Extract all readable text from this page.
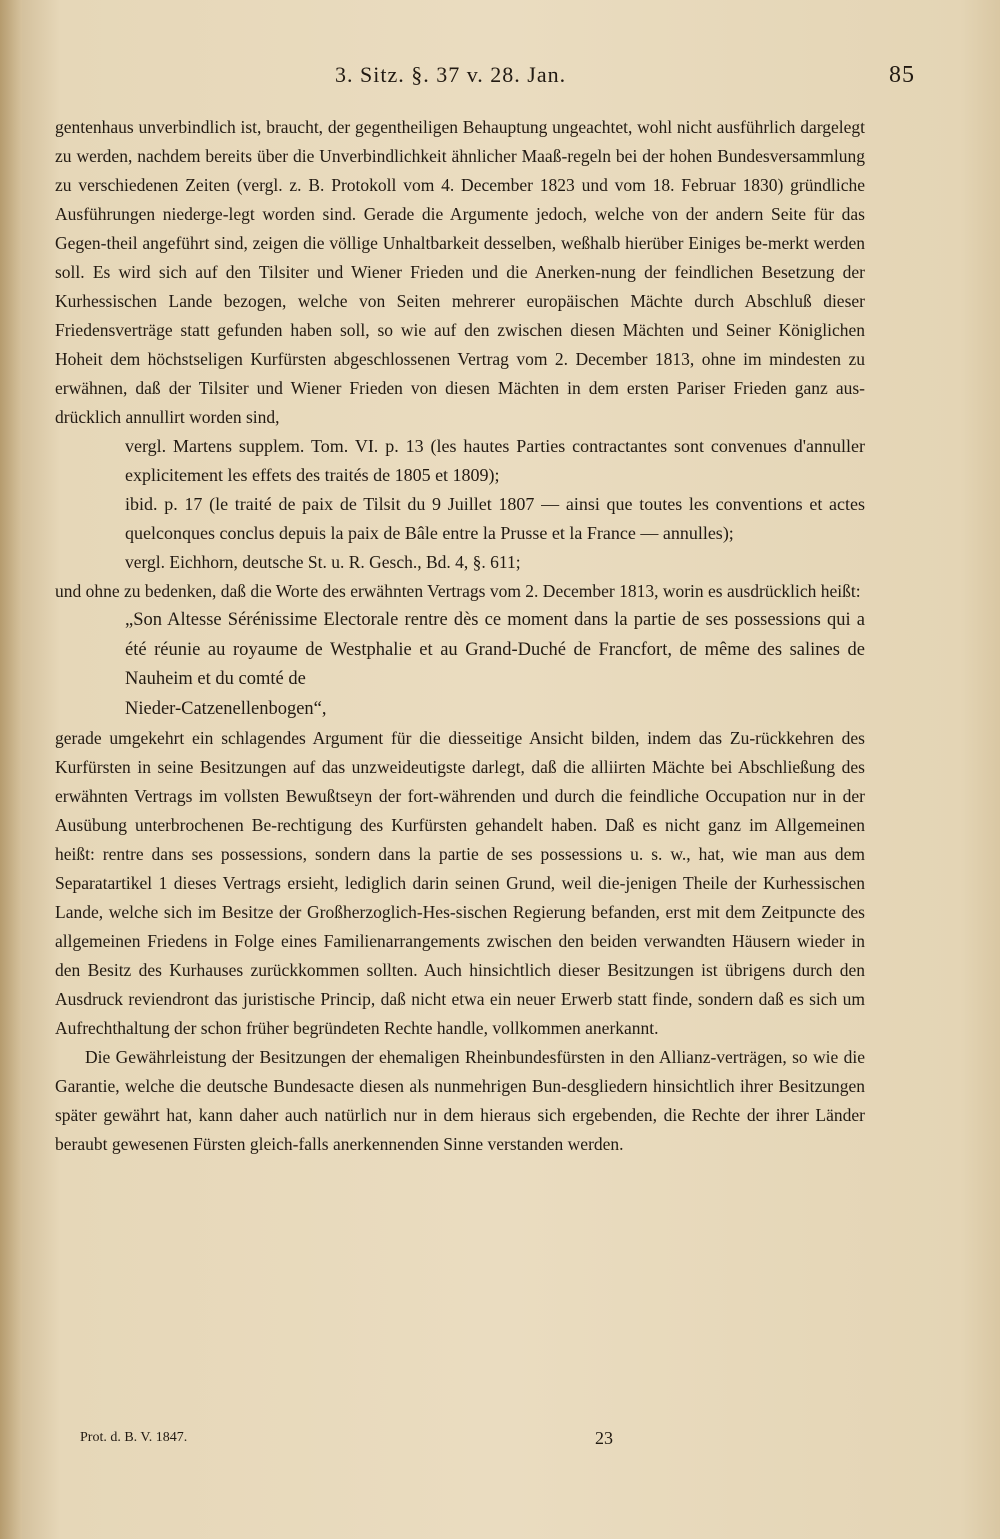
3. Sitz. §. 37 v. 28. Jan.	85

gentenhaus unverbindlich ist, braucht, der gegentheiligen Behauptung ungeachtet, wohl nicht ausführlich dargelegt zu werden, nachdem bereits über die Unverbindlichkeit ähnlicher Maaß-regeln bei der hohen Bundesversammlung zu verschiedenen Zeiten (vergl. z. B. Protokoll vom 4. December 1823 und vom 18. Februar 1830) gründliche Ausführungen niederge-legt worden sind. Gerade die Argumente jedoch, welche von der andern Seite für das Gegen-theil angeführt sind, zeigen die völlige Unhaltbarkeit desselben, weßhalb hierüber Einiges be-merkt werden soll. Es wird sich auf den Tilsiter und Wiener Frieden und die Anerken-nung der feindlichen Besetzung der Kurhessischen Lande bezogen, welche von Seiten mehrerer europäischen Mächte durch Abschluß dieser Friedensverträge statt gefunden haben soll, so wie auf den zwischen diesen Mächten und Seiner Königlichen Hoheit dem höchstseligen Kurfürsten abgeschlossenen Vertrag vom 2. December 1813, ohne im mindesten zu erwähnen, daß der Tilsiter und Wiener Frieden von diesen Mächten in dem ersten Pariser Frieden ganz aus-drücklich annullirt worden sind,

vergl. Martens supplem. Tom. VI. p. 13 (les hautes Parties contractantes sont convenues d'annuller explicitement les effets des traités de 1805 et 1809);

ibid. p. 17 (le traité de paix de Tilsit du 9 Juillet 1807 — ainsi que toutes les conventions et actes quelconques conclus depuis la paix de Bâle entre la Prusse et la France — annulles);

vergl. Eichhorn, deutsche St. u. R. Gesch., Bd. 4, §. 611;

und ohne zu bedenken, daß die Worte des erwähnten Vertrags vom 2. December 1813, worin es ausdrücklich heißt:

„Son Altesse Sérénissime Electorale rentre dès ce moment dans la partie de ses possessions qui a été réunie au royaume de Westphalie et au Grand-Duché de Francfort, de même des salines de Nauheim et du comté de

Nieder-Catzenellenbogen“,

gerade umgekehrt ein schlagendes Argument für die diesseitige Ansicht bilden, indem das Zu-rückkehren des Kurfürsten in seine Besitzungen auf das unzweideutigste darlegt, daß die alliirten Mächte bei Abschließung des erwähnten Vertrags im vollsten Bewußtseyn der fort-währenden und durch die feindliche Occupation nur in der Ausübung unterbrochenen Be-rechtigung des Kurfürsten gehandelt haben. Daß es nicht ganz im Allgemeinen heißt: rentre dans ses possessions, sondern dans la partie de ses possessions u. s. w., hat, wie man aus dem Separatartikel 1 dieses Vertrags ersieht, lediglich darin seinen Grund, weil die-jenigen Theile der Kurhessischen Lande, welche sich im Besitze der Großherzoglich-Hes-sischen Regierung befanden, erst mit dem Zeitpuncte des allgemeinen Friedens in Folge eines Familienarrangements zwischen den beiden verwandten Häusern wieder in den Besitz des Kurhauses zurückkommen sollten. Auch hinsichtlich dieser Besitzungen ist übrigens durch den Ausdruck reviendront das juristische Princip, daß nicht etwa ein neuer Erwerb statt finde, sondern daß es sich um Aufrechthaltung der schon früher begründeten Rechte handle, vollkommen anerkannt.

Die Gewährleistung der Besitzungen der ehemaligen Rheinbundesfürsten in den Allianz-verträgen, so wie die Garantie, welche die deutsche Bundesacte diesen als nunmehrigen Bun-desgliedern hinsichtlich ihrer Besitzungen später gewährt hat, kann daher auch natürlich nur in dem hieraus sich ergebenden, die Rechte der ihrer Länder beraubt gewesenen Fürsten gleich-falls anerkennenden Sinne verstanden werden.

Prot. d. B. V. 1847.	23
